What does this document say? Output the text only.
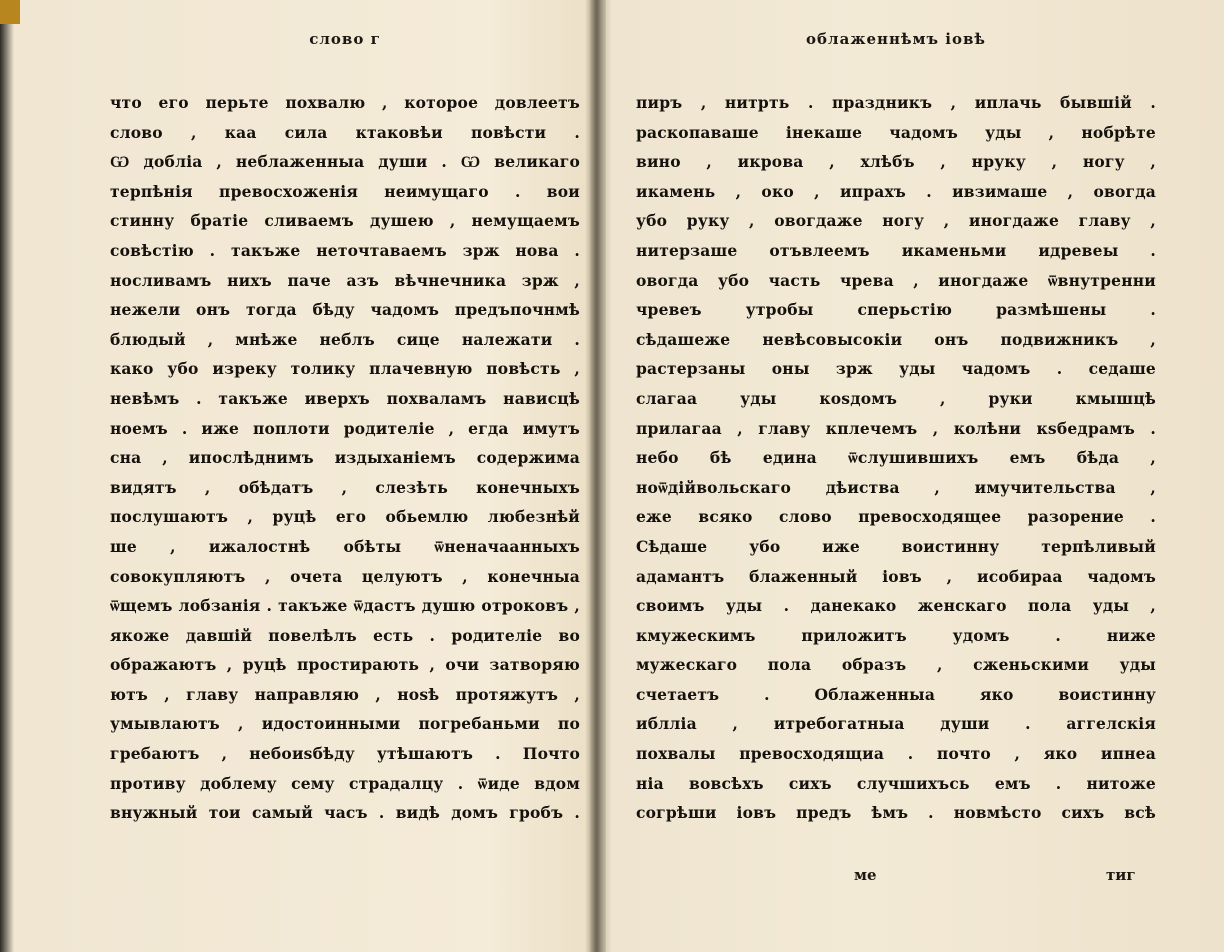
слово г
что его перьте похвалю , которое довлеетъ
слово , каа сила ктаковѣи повѣсти .
Ѡ добліа , неблаженныа души . Ѡ великаго
терпѣнія превосхоженія неимущаго . вои
стинну братіе сливаемъ душею , немущаемъ
совѣстію . такъже неточтаваемъ зрж нова .
носливамъ нихъ паче азъ вѣчнечника зрж ,
нежели онъ тогда бѣду чадомъ предъпочнмѣ
блюдый , мнѣже неблъ сице належати .
како убо изреку толику плачевную повѣсть ,
невѣмъ . такъже иверхъ похваламъ нависцѣ
ноемъ . иже поплоти родителіе , егда имутъ
сна , ипослѣднимъ издыханіемъ содержима
видятъ , обѣдатъ , слезѣть конечныхъ
послушаютъ , руцѣ его обьемлю любезнѣй
ше , ижалостнѣ обѣты ѿненачаанныхъ
совокупляютъ , очета целуютъ , конечныа
ѿщемъ лобзанія . такъже ѿдастъ душю отроковъ ,
якоже давшій повелѣлъ есть . родителіе во
ображаютъ , руцѣ простирають , очи затворяю
ютъ , главу направляю , ноѕѣ протяжутъ ,
умывлаютъ , идостоинными погребаньми по
гребаютъ , небоиѕбѣду утѣшаютъ . Почто
противу доблему сему страдалцу . ѿиде вдом
внужный тои самый часъ . видѣ домъ гробъ .
облаженнѣмъ іовѣ
пиръ , нитрть . праздникъ , иплачь бывшій .
раскопавашe інекаше чадомъ уды , нобрѣте
вино , икрова , хлѣбъ , нруку , ногу ,
икамень , око , ипрахъ . ивзимаше , овогда
убо руку , овогдаже ногу , иногдаже главу ,
нитерзаше отъвлеемъ икаменьми идревеы .
овогда убо часть чрева , иногдаже ѿвнутренни
чревеъ утробы сперьстію размѣшены .
сѣдашеже невѣсовысокіи онъ подвижникъ ,
растерзаны оны зрж уды чадомъ . седаше
слагаа уды коѕдомъ , руки кмышцѣ
прилагаа , главу кплечемъ , колѣни кѕбедрамъ .
небо бѣ едина ѿслушившихъ емъ бѣда ,
ноѿдійвольскаго дѣиства , имучительства ,
еже всяко слово превосходящее разорение .
Сѣдаше убо иже воистинну терпѣливый
адамантъ блаженный іовъ , исобираа чадомъ
своимъ уды . данекако женскаго пола уды ,
кмужескимъ приложитъ удомъ . ниже
мужескаго пола образъ , сженьскими уды
счетаетъ . Облаженныа яко воистинну
иблліа , итребогатныа души . аггелскія
похвалы превосходящиа . почто , яко ипнеа
ніа вовсѣхъ сихъ случшихъсь емъ . нитоже
согрѣши іовъ предъ ѣмъ . новмѣсто сихъ всѣ
ме	тиг
